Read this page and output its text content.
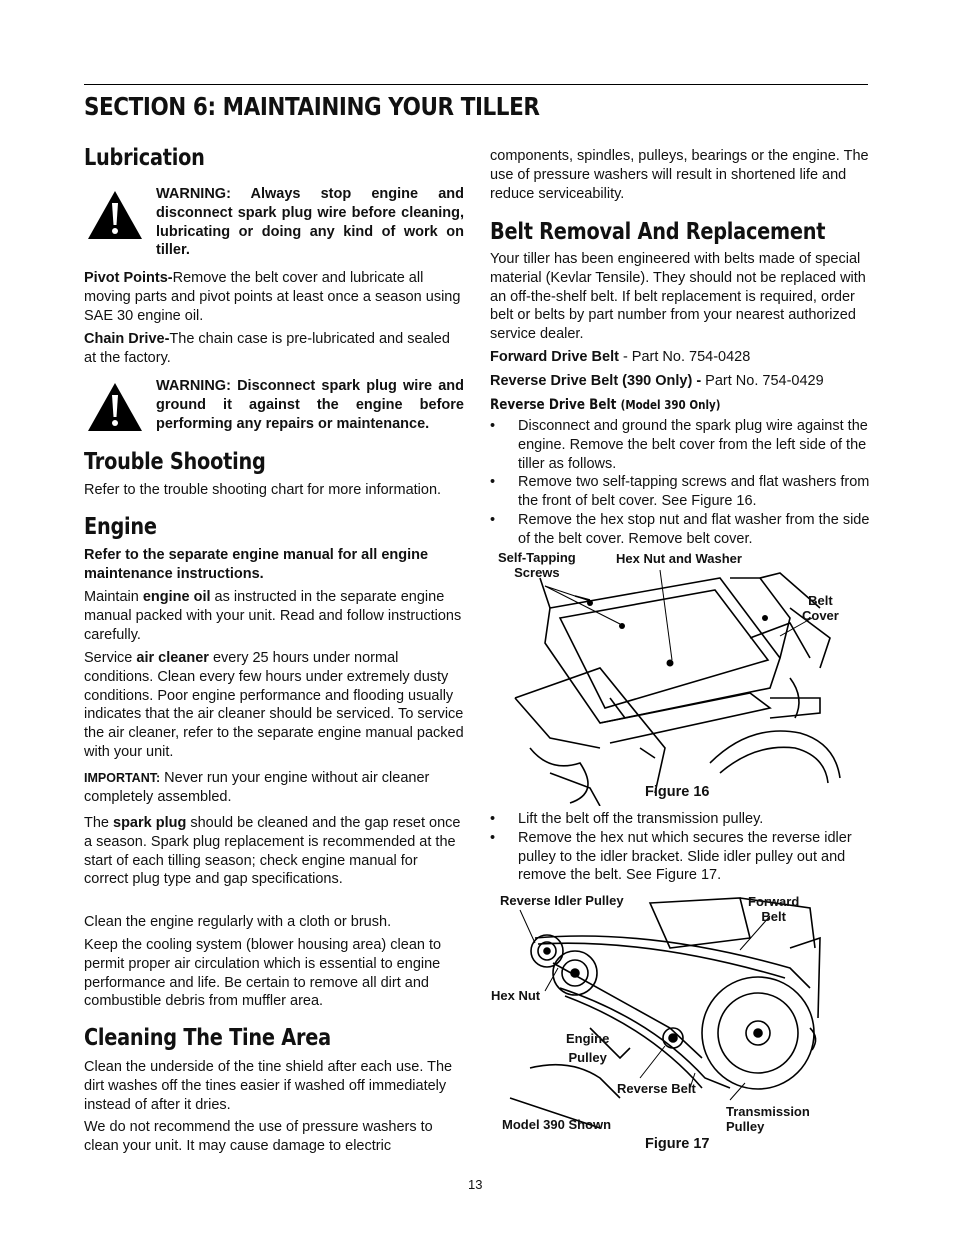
SECTION 6: MAINTAINING YOUR TILLER
Lubrication
WARNING: Always stop engine and disconnect spark plug wire before cleaning, lubricating or doing any kind of work on tiller.

Pivot Points-Remove the belt cover and lubricate all moving parts and pivot points at least once a season using SAE 30 engine oil.

Chain Drive-The chain case is pre-lubricated and sealed at the factory.

WARNING: Disconnect spark plug wire and ground it against the engine before performing any repairs or maintenance.
Trouble Shooting

Refer to the trouble shooting chart for more information.

Engine

Refer to the separate engine manual for all engine maintenance instructions.

Maintain engine oil as instructed in the separate engine manual packed with your unit. Read and follow instructions carefully.

Service air cleaner every 25 hours under normal conditions. Clean every few hours under extremely dusty conditions. Poor engine performance and flooding usually indicates that the air cleaner should be serviced. To service the air cleaner, refer to the separate engine manual packed with your unit.

IMPORTANT: Never run your engine without air cleaner completely assembled.

The spark plug should be cleaned and the gap reset once a season. Spark plug replacement is recommended at the start of each tilling season; check engine manual for correct plug type and gap specifications.

Clean the engine regularly with a cloth or brush.

Keep the cooling system (blower housing area) clean to permit proper air circulation which is essential to engine performance and life. Be certain to remove all dirt and combustible debris from muffler area.

Cleaning The Tine Area

Clean the underside of the tine shield after each use. The dirt washes off the tines easier if washed off immediately instead of after it dries.

We do not recommend the use of pressure washers to clean your unit. It may cause damage to electric

components, spindles, pulleys, bearings or the engine. The use of pressure washers will result in shortened life and reduce serviceability.

Belt Removal And Replacement

Your tiller has been engineered with belts made of special material (Kevlar Tensile). They should not be replaced with an off-the-shelf belt. If belt replacement is required, order belt or belts by part number from your nearest authorized service dealer.

Forward Drive Belt - Part No. 754-0428

Reverse Drive Belt (390 Only) - Part No. 754-0429

Reverse Drive Belt (Model 390 Only)
• Disconnect and ground the spark plug wire against the engine. Remove the belt cover from the left side of the tiller as follows.
• Remove two self-tapping screws and flat washers from the front of belt cover. See Figure 16.
• Remove the hex stop nut and flat washer from the side of the belt cover. Remove belt cover.
Self-Tapping
Screws
Hex Nut and Washer
Belt
Cover
Figure 16
• Lift the belt off the transmission pulley.
• Remove the hex nut which secures the reverse idler pulley to the idler bracket. Slide idler pulley out and remove the belt. See Figure 17.
Reverse Idler Pulley	Forward
Belt
Hex Nut
Engine
Pulley
Reverse Belt
Transmission
Pulley
Model 390 Shown
Figure 17
13
